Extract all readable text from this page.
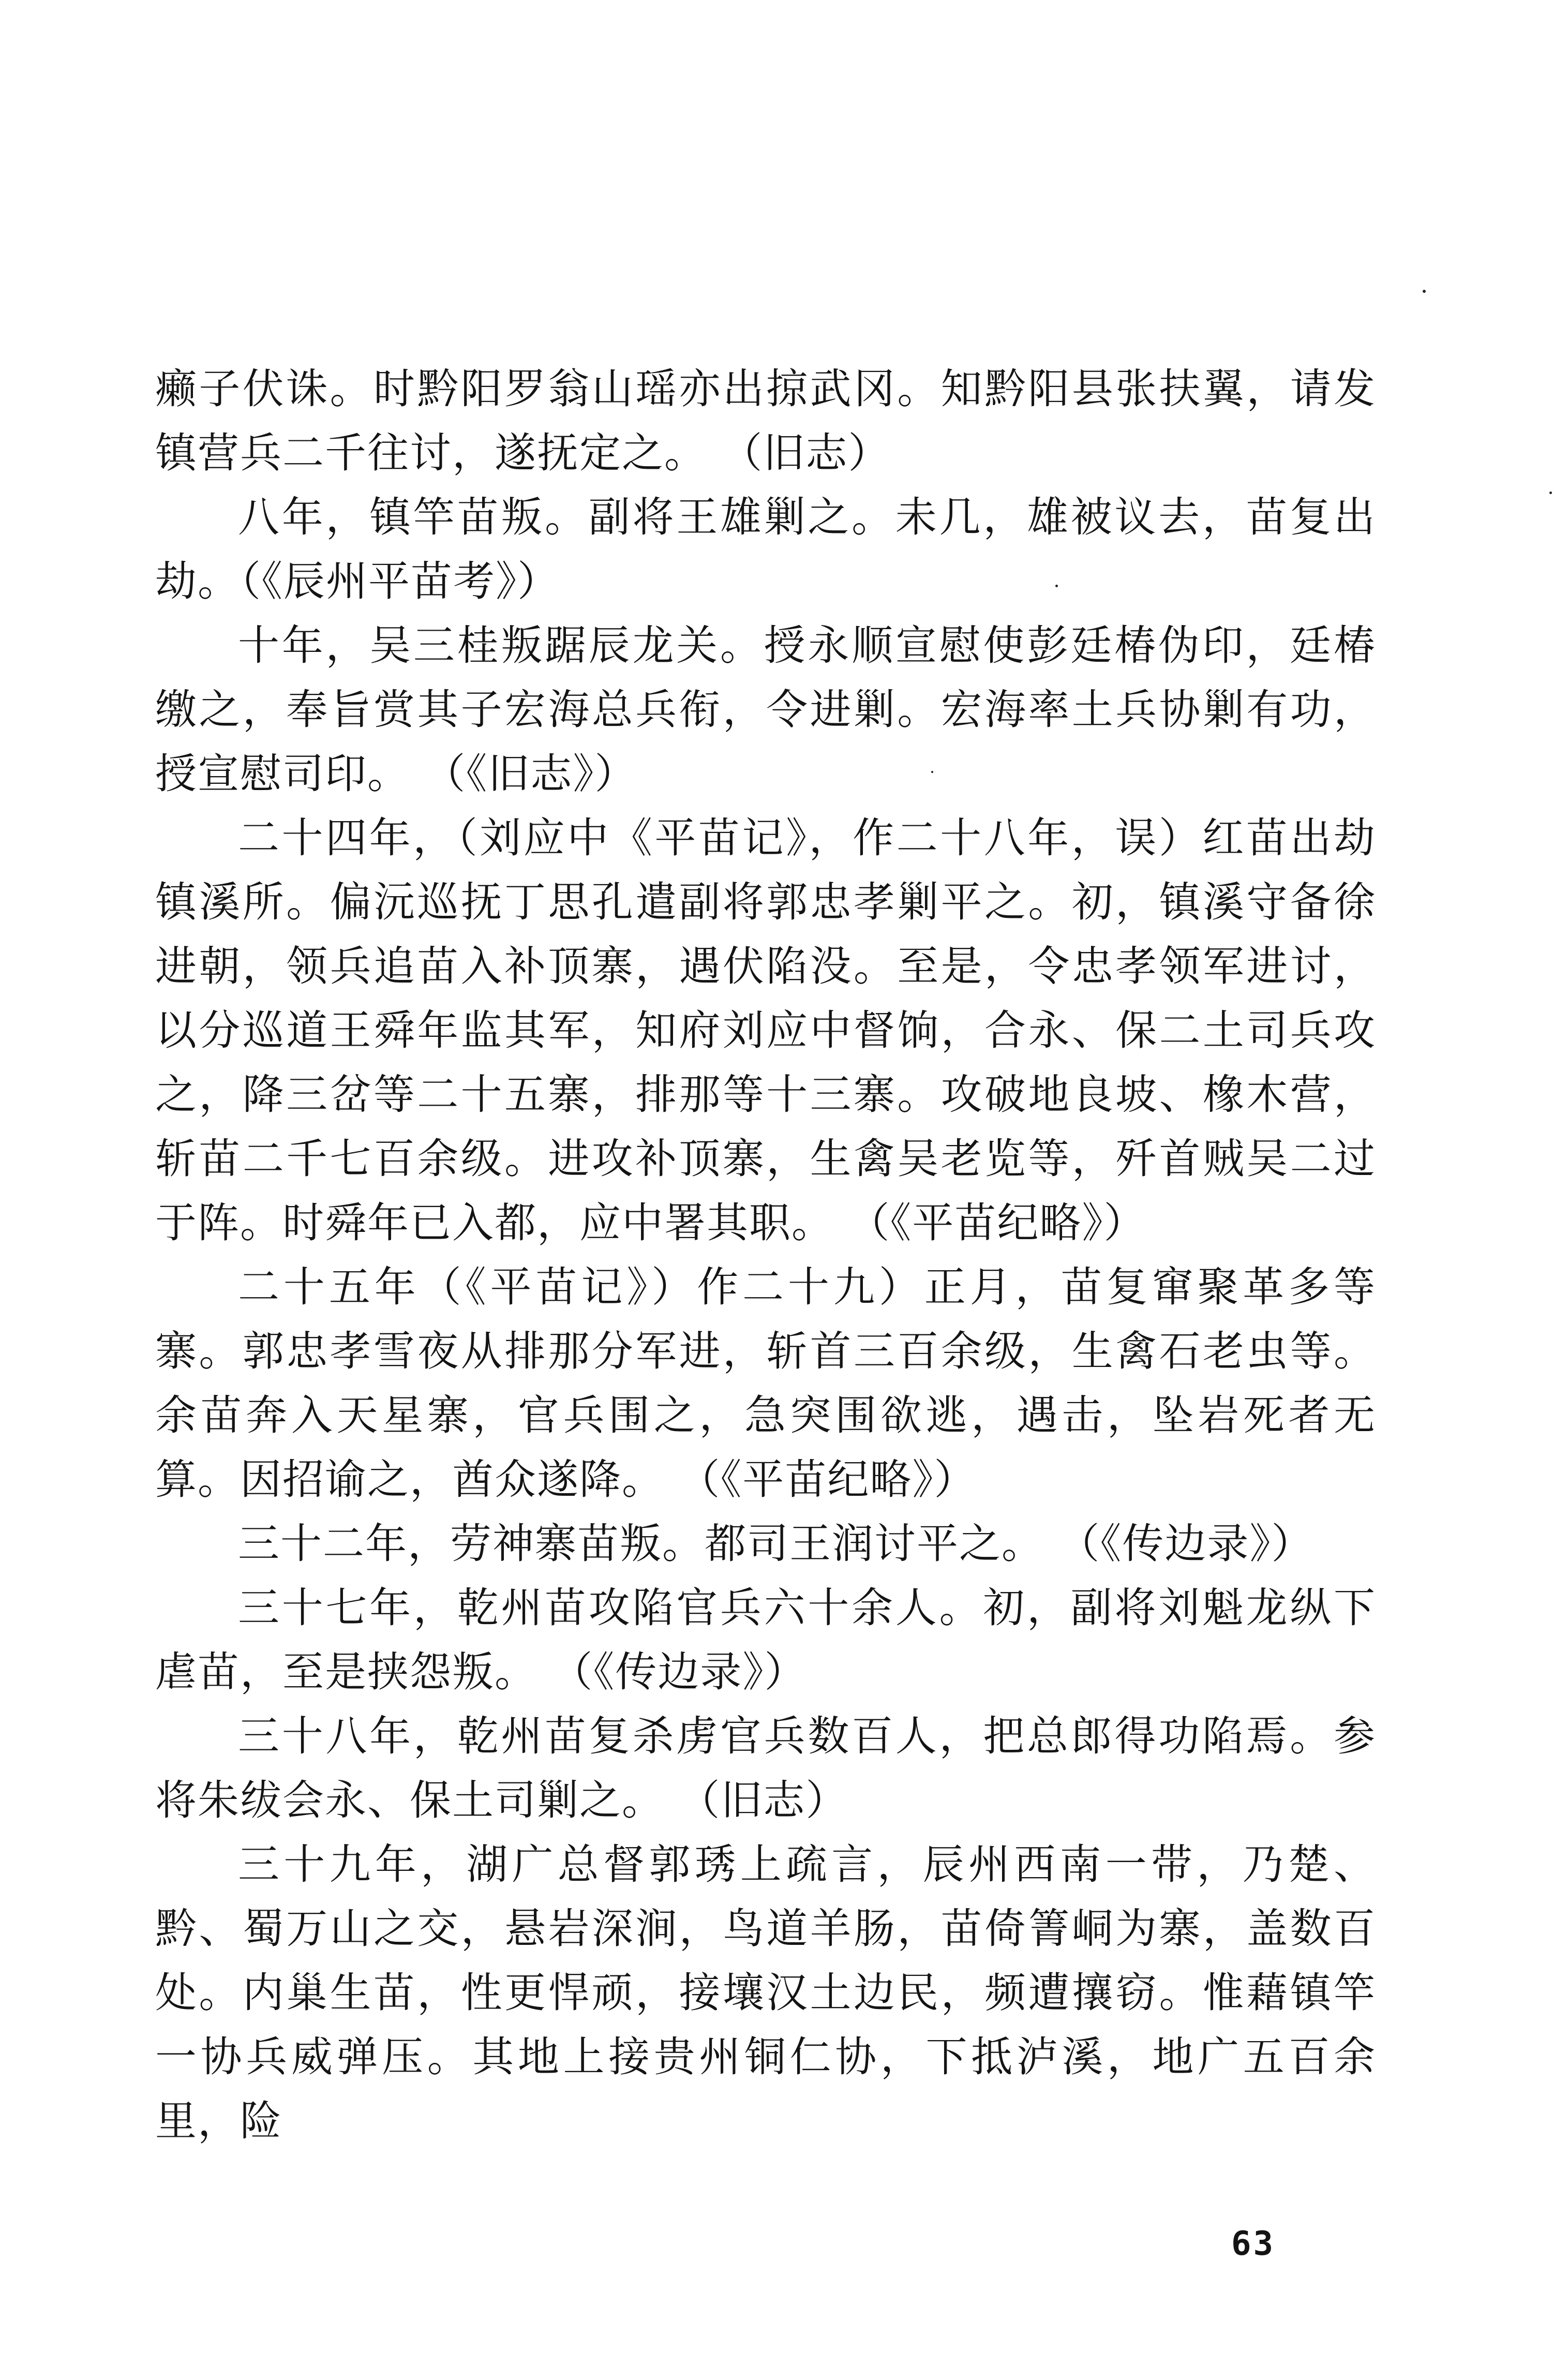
癞子伏诛。时黔阳罗翁山瑶亦出掠武冈。知黔阳县张扶翼，请发镇营兵二千往讨，遂抚定之。 （旧志）

八年，镇竿苗叛。副将王雄剿之。未几，雄被议去，苗复出劫。（《辰州平苗考》）

十年，吴三桂叛踞辰龙关。授永顺宣慰使彭廷椿伪印，廷椿缴之，奉旨赏其子宏海总兵衔，令进剿。宏海率土兵协剿有功，授宣慰司印。 （《旧志》）

二十四年，（刘应中《平苗记》，作二十八年，误）红苗出劫镇溪所。偏沅巡抚丁思孔遣副将郭忠孝剿平之。初，镇溪守备徐进朝，领兵追苗入补顶寨，遇伏陷没。至是，令忠孝领军进讨，以分巡道王舜年监其军，知府刘应中督饷，合永、保二土司兵攻之，降三岔等二十五寨，排那等十三寨。攻破地良坡、橡木营，斩苗二千七百余级。进攻补顶寨，生禽吴老览等，歼首贼吴二过于阵。时舜年已入都，应中署其职。 （《平苗纪略》）

二十五年（《平苗记》）作二十九）正月，苗复窜聚革多等寨。郭忠孝雪夜从排那分军进，斩首三百余级，生禽石老虫等。余苗奔入天星寨，官兵围之，急突围欲逃，遇击，坠岩死者无算。因招谕之，酋众遂降。 （《平苗纪略》）

三十二年，劳神寨苗叛。都司王润讨平之。 （《传边录》）

三十七年，乾州苗攻陷官兵六十余人。初，副将刘魁龙纵下虐苗，至是挟怨叛。 （《传边录》）

三十八年，乾州苗复杀虏官兵数百人，把总郎得功陷焉。参将朱绂会永、保土司剿之。 （旧志）

三十九年，湖广总督郭琇上疏言，辰州西南一带，乃楚、黔、蜀万山之交，悬岩深涧，鸟道羊肠，苗倚箐峒为寨，盖数百处。内巢生苗，性更悍顽，接壤汉土边民，频遭攘窃。惟藉镇竿一协兵威弹压。其地上接贵州铜仁协，下抵泸溪，地广五百余里，险

63
